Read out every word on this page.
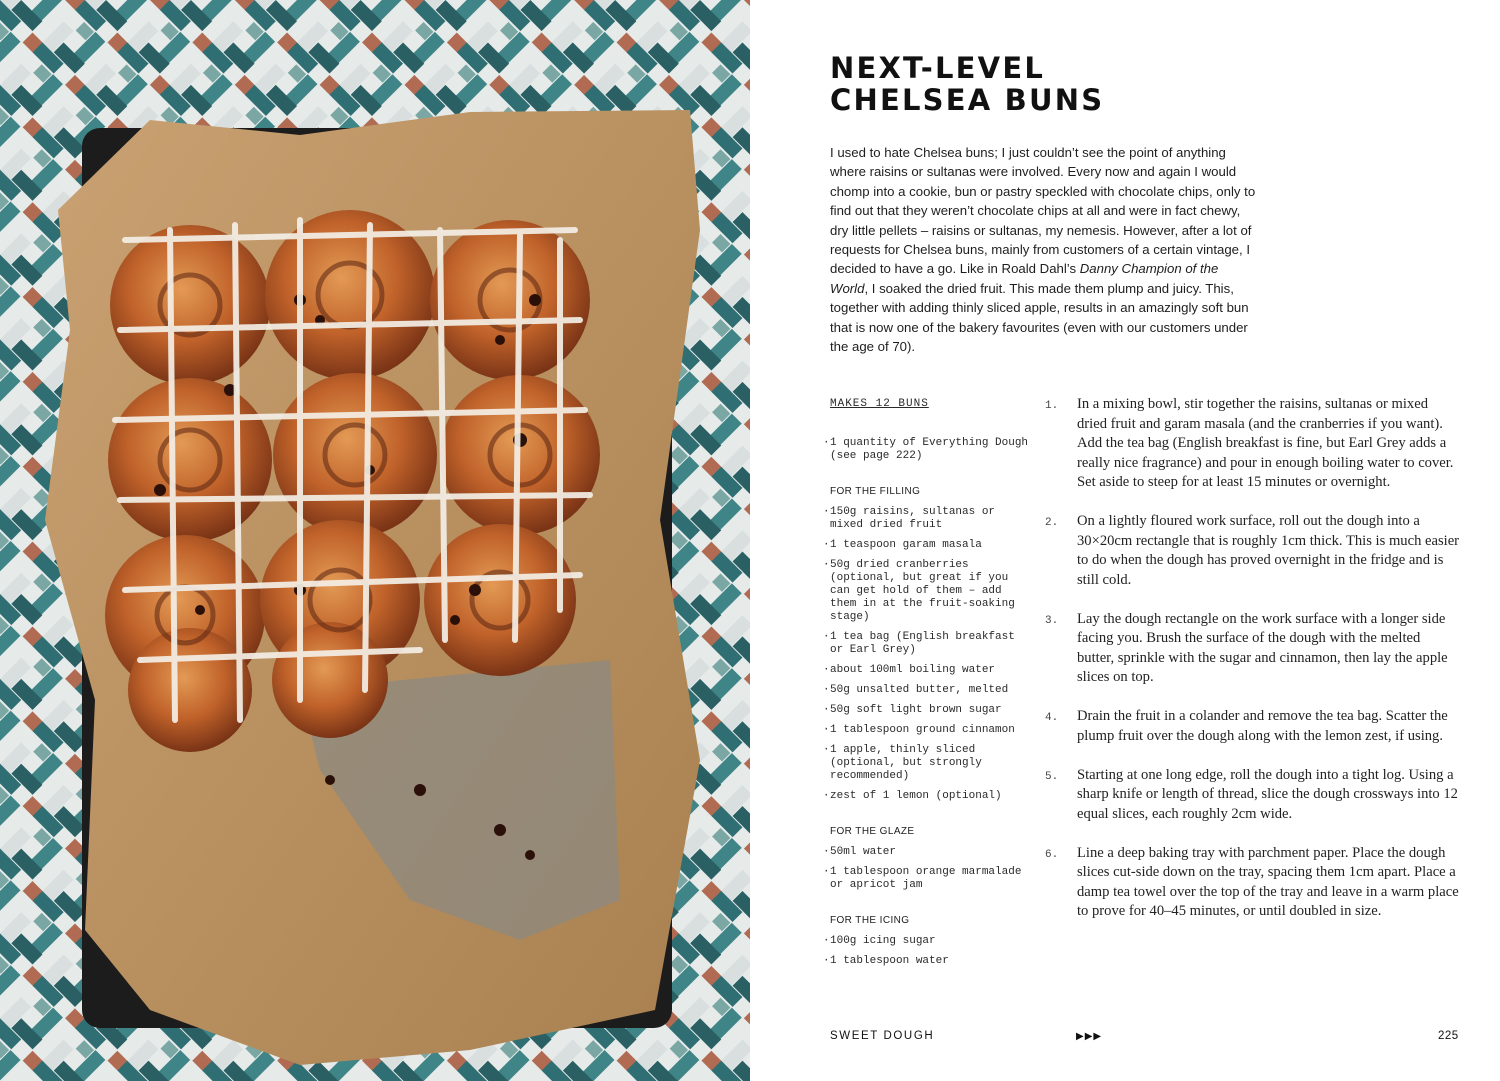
NEXT-LEVEL
CHELSEA BUNS

I used to hate Chelsea buns; I just couldn’t see the point of anything where raisins or sultanas were involved. Every now and again I would chomp into a cookie, bun or pastry speckled with chocolate chips, only to find out that they weren’t chocolate chips at all and were in fact chewy, dry little pellets – raisins or sultanas, my nemesis. However, after a lot of requests for Chelsea buns, mainly from customers of a certain vintage, I decided to have a go. Like in Roald Dahl’s Danny Champion of the World, I soaked the dried fruit. This made them plump and juicy. This, together with adding thinly sliced apple, results in an amazingly soft bun that is now one of the bakery favourites (even with our customers under the age of 70).

MAKES 12 BUNS
· 1 quantity of Everything Dough (see page 222)
FOR THE FILLING
· 150g raisins, sultanas or mixed dried fruit
· 1 teaspoon garam masala
· 50g dried cranberries (optional, but great if you can get hold of them – add them in at the fruit-soaking stage)
· 1 tea bag (English breakfast or Earl Grey)
· about 100ml boiling water
· 50g unsalted butter, melted
· 50g soft light brown sugar
· 1 tablespoon ground cinnamon
· 1 apple, thinly sliced (optional, but strongly recommended)
· zest of 1 lemon (optional)
FOR THE GLAZE
· 50ml water
· 1 tablespoon orange marmalade or apricot jam
FOR THE ICING
· 100g icing sugar
· 1 tablespoon water
1. In a mixing bowl, stir together the raisins, sultanas or mixed dried fruit and garam masala (and the cranberries if you want). Add the tea bag (English breakfast is fine, but Earl Grey adds a really nice fragrance) and pour in enough boiling water to cover. Set aside to steep for at least 15 minutes or overnight.
2. On a lightly floured work surface, roll out the dough into a 30×20cm rectangle that is roughly 1cm thick. This is much easier to do when the dough has proved overnight in the fridge and is still cold.
3. Lay the dough rectangle on the work surface with a longer side facing you. Brush the surface of the dough with the melted butter, sprinkle with the sugar and cinnamon, then lay the apple slices on top.
4. Drain the fruit in a colander and remove the tea bag. Scatter the plump fruit over the dough along with the lemon zest, if using.
5. Starting at one long edge, roll the dough into a tight log. Using a sharp knife or length of thread, slice the dough crossways into 12 equal slices, each roughly 2cm wide.
6. Line a deep baking tray with parchment paper. Place the dough slices cut-side down on the tray, spacing them 1cm apart. Place a damp tea towel over the top of the tray and leave in a warm place to prove for 40–45 minutes, or until doubled in size.
SWEET DOUGH	▶▶▶	225
